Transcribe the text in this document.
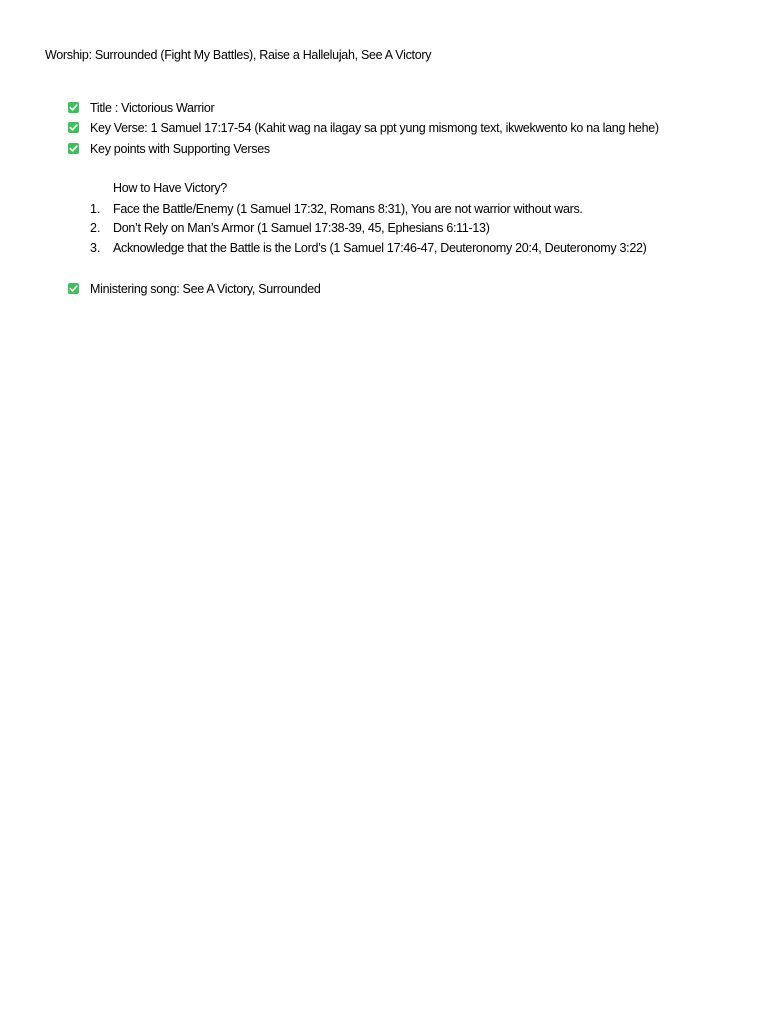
Worship: Surrounded (Fight My Battles), Raise a Hallelujah, See A Victory
Title : Victorious Warrior
Key Verse: 1 Samuel 17:17-54 (Kahit wag na ilagay sa ppt yung mismong text, ikwekwento ko na lang hehe)
Key points with Supporting Verses
How to Have Victory?
1. Face the Battle/Enemy (1 Samuel 17:32, Romans 8:31), You are not warrior without wars.
2. Don’t Rely on Man’s Armor (1 Samuel 17:38-39, 45, Ephesians 6:11-13)
3. Acknowledge that the Battle is the Lord’s (1 Samuel 17:46-47, Deuteronomy 20:4, Deuteronomy 3:22)
Ministering song: See A Victory, Surrounded
